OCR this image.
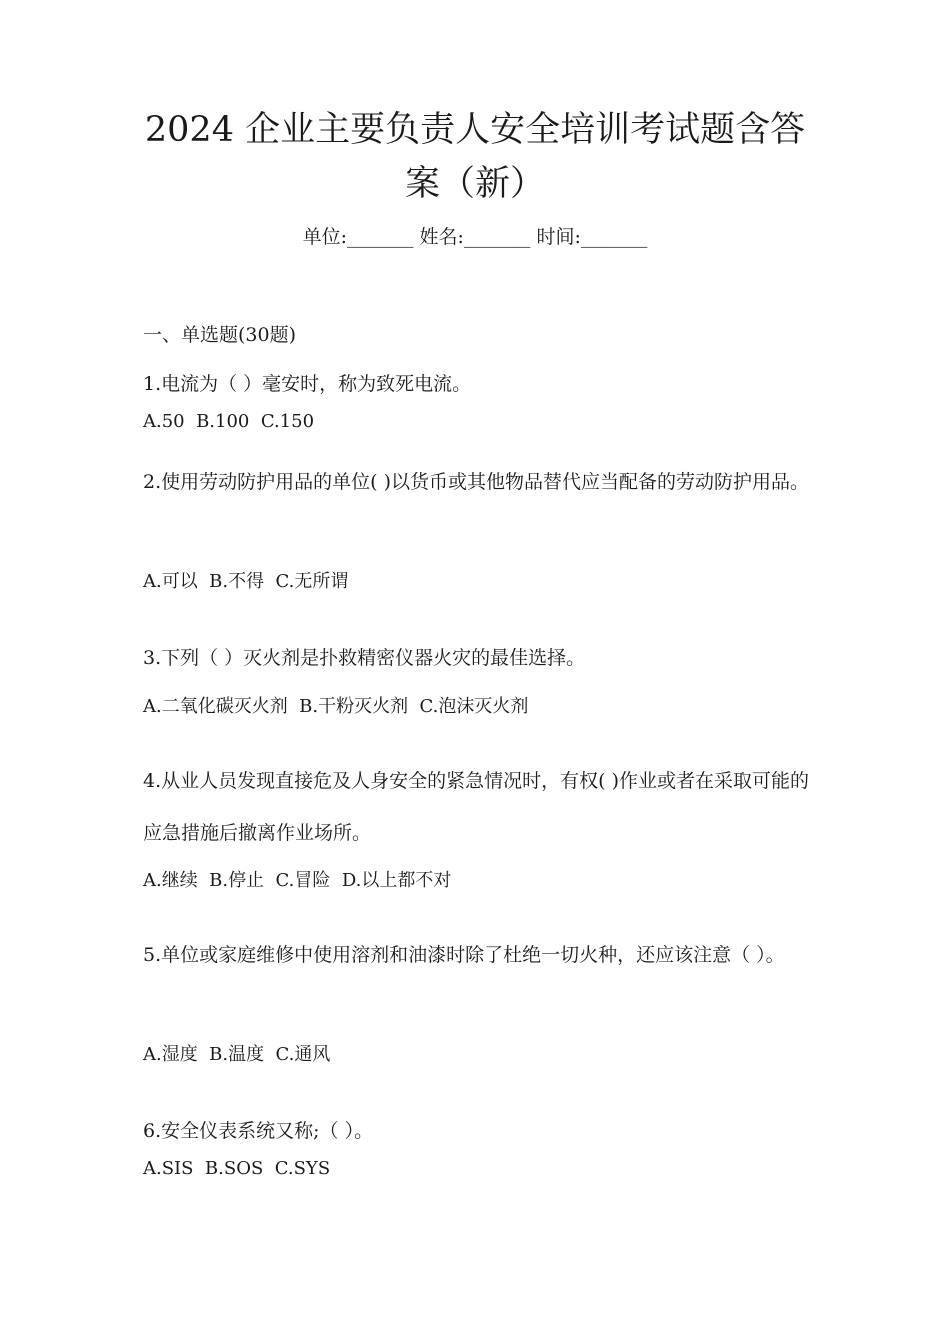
2024 企业主要负责人安全培训考试题含答案（新）
单位:_______ 姓名:_______ 时间:_______
一、单选题(30题)
1.电流为（ ）毫安时，称为致死电流。
A.50  B.100  C.150
2.使用劳动防护用品的单位( )以货币或其他物品替代应当配备的劳动防护用品。
A.可以  B.不得  C.无所谓
3.下列（ ）灭火剂是扑救精密仪器火灾的最佳选择。
A.二氧化碳灭火剂  B.干粉灭火剂  C.泡沫灭火剂
4.从业人员发现直接危及人身安全的紧急情况时，有权( )作业或者在采取可能的应急措施后撤离作业场所。
A.继续  B.停止  C.冒险  D.以上都不对
5.单位或家庭维修中使用溶剂和油漆时除了杜绝一切火种，还应该注意（ ）。
A.湿度  B.温度  C.通风
6.安全仪表系统又称;（ ）。
A.SIS  B.SOS  C.SYS
